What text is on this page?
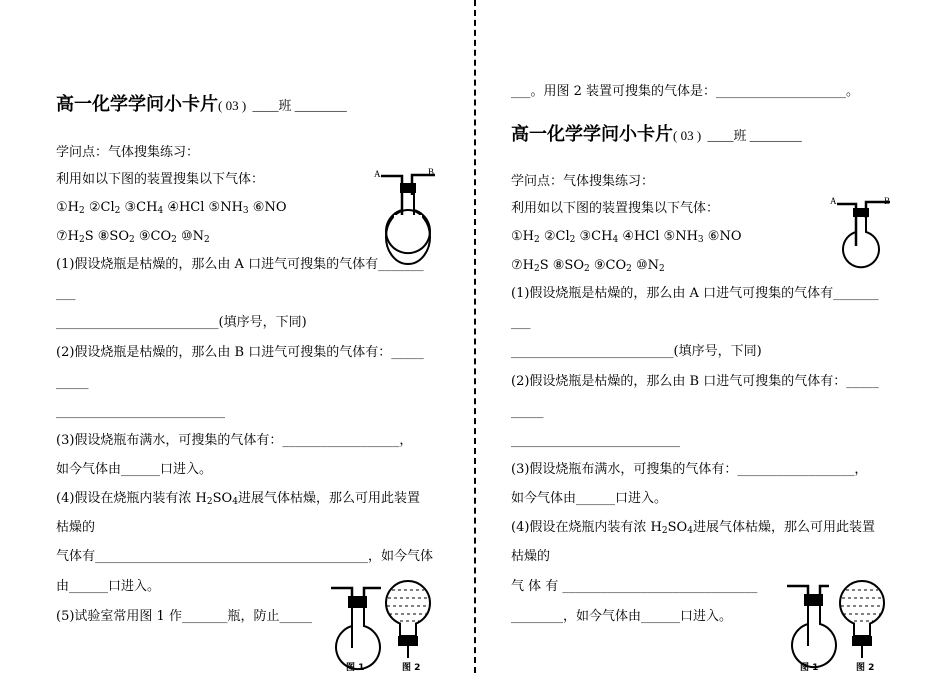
高一化学学问小卡片( 03 ) ____班 ________
学问点：气体搜集练习：
利用如以下图的装置搜集以下气体：
$①H_2$ $②Cl_2$ $③CH_4$ ④HCl $⑤NH_3$ ⑥NO
$⑦H_2S$ $⑧SO_2$ $⑨CO_2$ $⑩N_2$
(1)假设烧瓶是枯燥的，那么由 A 口进气可搜集的气体有_______
___
_________________________(填序号，下同)
(2)假设烧瓶是枯燥的，那么由 B 口进气可搜集的气体有：_____
_____
__________________________
(3)假设烧瓶布满水，可搜集的气体有：__________________，
如今气体由______口进入。
(4)假设在烧瓶内装有浓 $H_2SO_4$进展气体枯燥，那么可用此装置
枯燥的
气体有__________________________________________，如今气体
由______口进入。
(5)试验室常用图 1 作_______瓶，防止_____
A	B
图 1	图 2
___。用图 2 装置可搜集的气体是：____________________。
高一化学学问小卡片( 03 ) ____班 ________
学问点：气体搜集练习：
利用如以下图的装置搜集以下气体：
$①H_2$ $②Cl_2$ $③CH_4$ ④HCl $⑤NH_3$ ⑥NO
$⑦H_2S$ $⑧SO_2$ $⑨CO_2$ $⑩N_2$
(1)假设烧瓶是枯燥的，那么由 A 口进气可搜集的气体有_______
___
_________________________(填序号，下同)
(2)假设烧瓶是枯燥的，那么由 B 口进气可搜集的气体有：_____
_____
__________________________
(3)假设烧瓶布满水，可搜集的气体有：__________________，
如今气体由______口进入。
(4)假设在烧瓶内装有浓 $H_2SO_4$进展气体枯燥，那么可用此装置
枯燥的
气 体 有 ______________________________
________，如今气体由______口进入。
A	B
图 1	图 2
